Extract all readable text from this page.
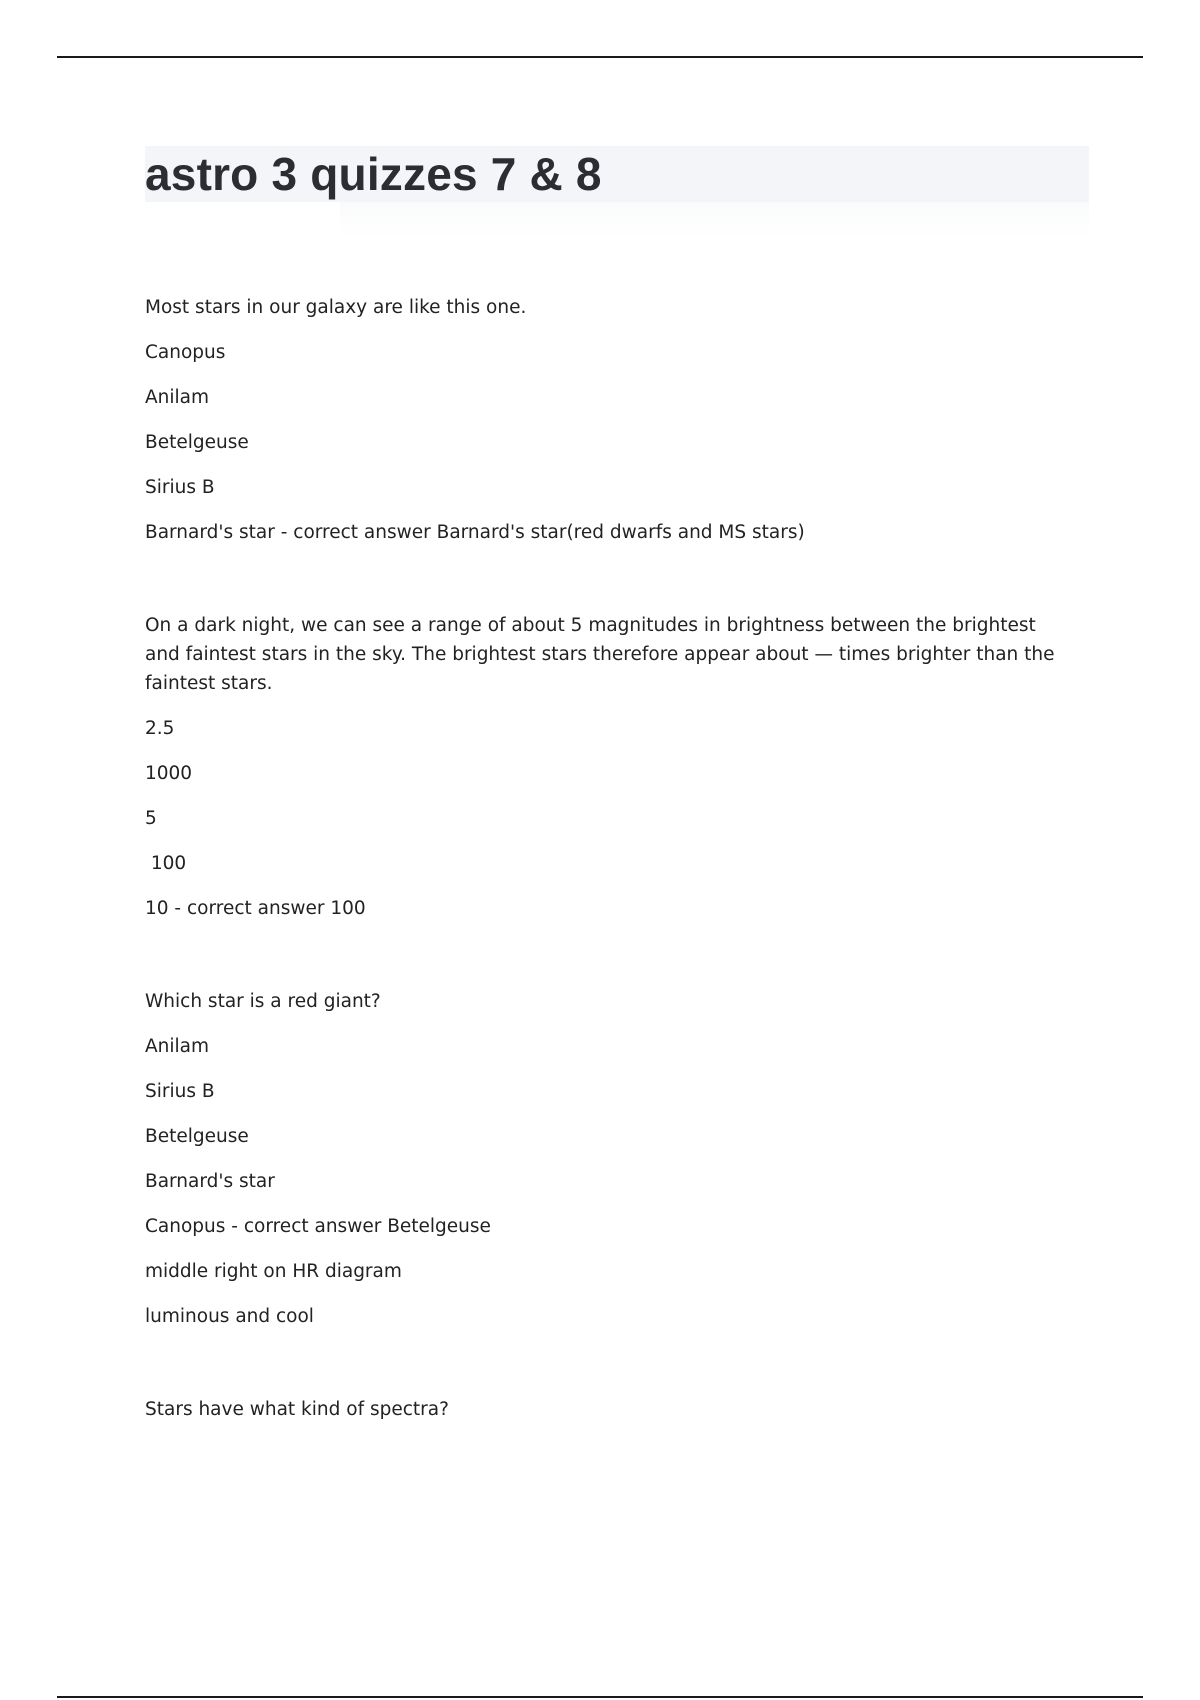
astro 3 quizzes 7 & 8

Most stars in our galaxy are like this one.

Canopus

Anilam

Betelgeuse

Sirius B

Barnard's star - correct answer Barnard's star(red dwarfs and MS stars)

On a dark night, we can see a range of about 5 magnitudes in brightness between the brightest and faintest stars in the sky. The brightest stars therefore appear about — times brighter than the faintest stars.

2.5

1000

5

100

10 - correct answer 100

Which star is a red giant?

Anilam

Sirius B

Betelgeuse

Barnard's star

Canopus - correct answer Betelgeuse

middle right on HR diagram

luminous and cool

Stars have what kind of spectra?
